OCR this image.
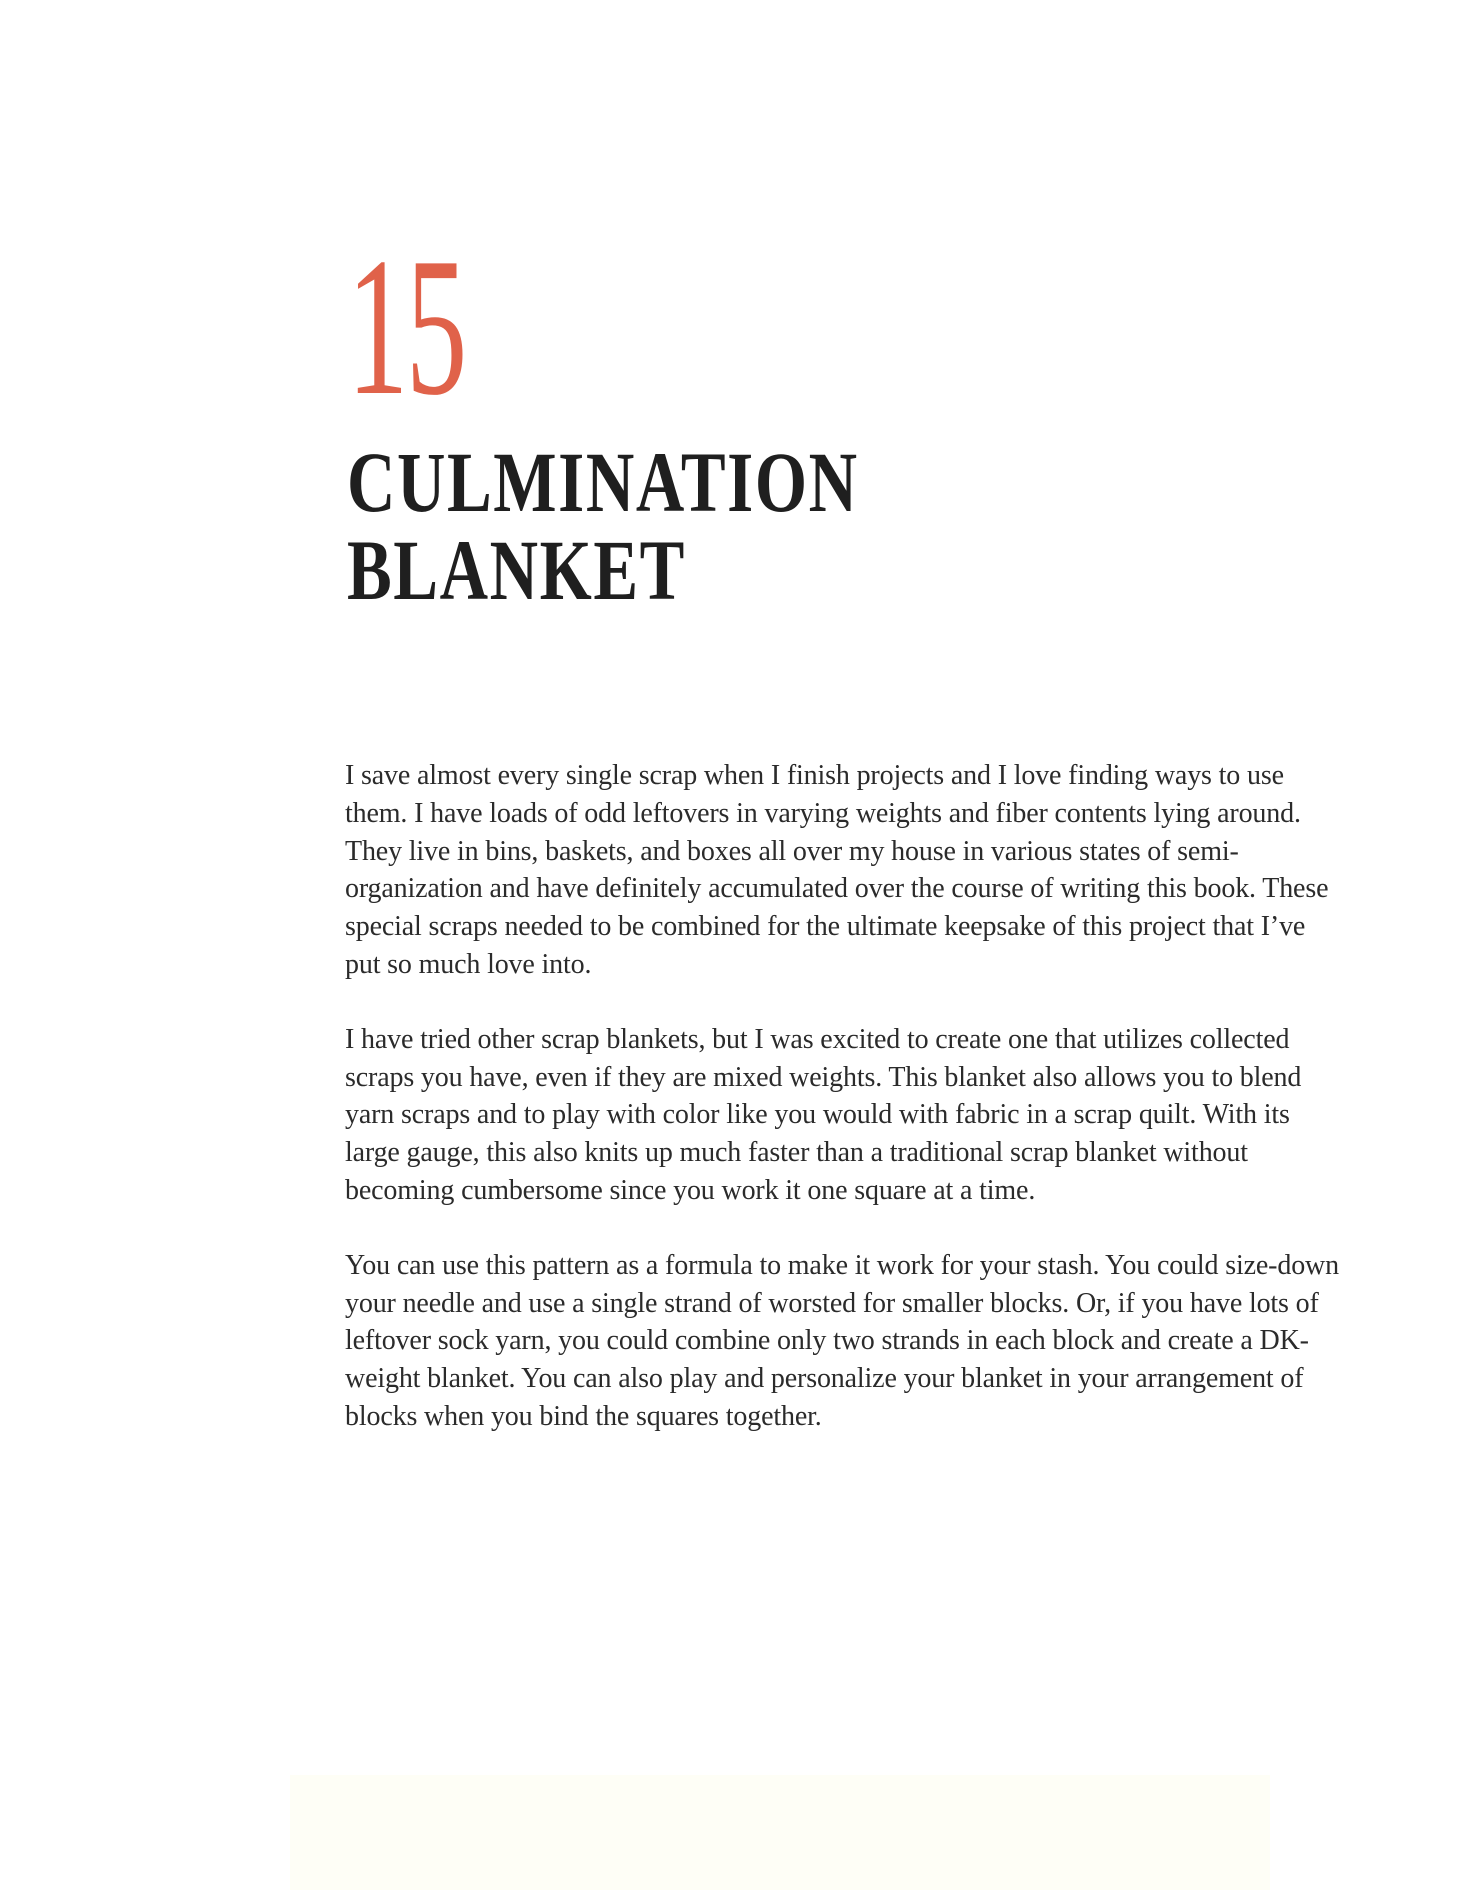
15
CULMINATION
BLANKET

I save almost every single scrap when I finish projects and I love finding ways to use them. I have loads of odd leftovers in varying weights and fiber contents lying around. They live in bins, baskets, and boxes all over my house in various states of semi-organization and have definitely accumulated over the course of writing this book. These special scraps needed to be combined for the ultimate keepsake of this project that I’ve put so much love into.

I have tried other scrap blankets, but I was excited to create one that utilizes collected scraps you have, even if they are mixed weights. This blanket also allows you to blend yarn scraps and to play with color like you would with fabric in a scrap quilt. With its large gauge, this also knits up much faster than a traditional scrap blanket without becoming cumbersome since you work it one square at a time.

You can use this pattern as a formula to make it work for your stash. You could size-down your needle and use a single strand of worsted for smaller blocks. Or, if you have lots of leftover sock yarn, you could combine only two strands in each block and create a DK-weight blanket. You can also play and personalize your blanket in your arrangement of blocks when you bind the squares together.
